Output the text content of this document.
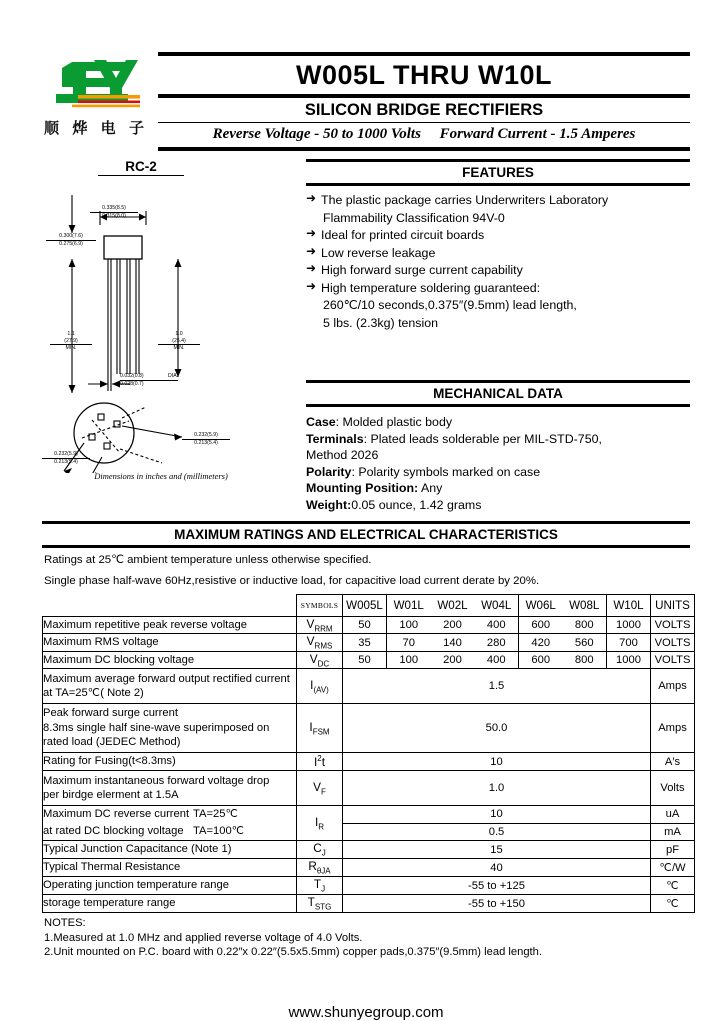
顺 烨 电 子
W005L THRU W10L
SILICON BRIDGE RECTIFIERS
Reverse Voltage - 50 to 1000 Volts Forward Current - 1.5 Amperes
RC-2
0.335(8.5)
0.315(8.0)
0.300(7.6)
0.275(6.9)
1.1
(27.9)
MIN.
1.0
(25.4)
MIN.
0.032(0.8)
0.028(0.7)
DIA.
0.232(5.9)
0.213(5.4)
0.232(5.9)
0.213(5.4)
Dimensions in inches and (millimeters)
FEATURES
➜ The plastic package carries Underwriters Laboratory
Flammability Classification 94V-0
➜ Ideal for printed circuit boards
➜ Low reverse leakage
➜ High forward surge current capability
➜ High temperature soldering guaranteed:
260℃/10 seconds,0.375″(9.5mm) lead length,
5 lbs. (2.3kg) tension
MECHANICAL DATA
Case: Molded plastic body
Terminals: Plated leads solderable per MIL-STD-750,
Method 2026
Polarity: Polarity symbols marked on case
Mounting Position: Any
Weight:0.05 ounce, 1.42 grams
MAXIMUM RATINGS AND ELECTRICAL CHARACTERISTICS
Ratings at 25℃ ambient temperature unless otherwise specified.
Single phase half-wave 60Hz,resistive or inductive load, for capacitive load current derate by 20%.
	SYMBOLS	W005L	W01L	W02L	W04L	W06L	W08L	W10L	UNITS
Maximum repetitive peak reverse voltage	$V_{RRM}$	50	100	200	400	600	800	1000	VOLTS
Maximum RMS voltage	$V_{RMS}$	35	70	140	280	420	560	700	VOLTS
Maximum DC blocking voltage	$V_{DC}$	50	100	200	400	600	800	1000	VOLTS

Maximum average forward output rectified current
at TA=25℃( Note 2)	$I_{(AV)}$	1.5							Amps

Peak forward surge current
8.3ms single half sine-wave superimposed on
rated load (JEDEC Method)	$I_{FSM}$	50.0							Amps
Rating for Fusing(t<8.3ms)	$I^2t$	10							A′s

Maximum instantaneous forward voltage drop
per birdge elerment at 1.5A	$V_F$	1.0							Volts
Maximum DC reverse current TA=25℃	$I_R$	10							uA
at rated DC blocking voltage TA=100℃		0.5							mA
Typical Junction Capacitance (Note 1)	$C_J$	15							pF
Typical Thermal Resistance	$R_{\theta JA}$	40							℃/W
Operating junction temperature range	$T_J$	-55 to +125							℃
storage temperature range	$T_{STG}$	-55 to +150							℃
NOTES:
1.Measured at 1.0 MHz and applied reverse voltage of 4.0 Volts.
2.Unit mounted on P.C. board with 0.22″x 0.22″(5.5x5.5mm) copper pads,0.375″(9.5mm) lead length.
www.shunyegroup.com
